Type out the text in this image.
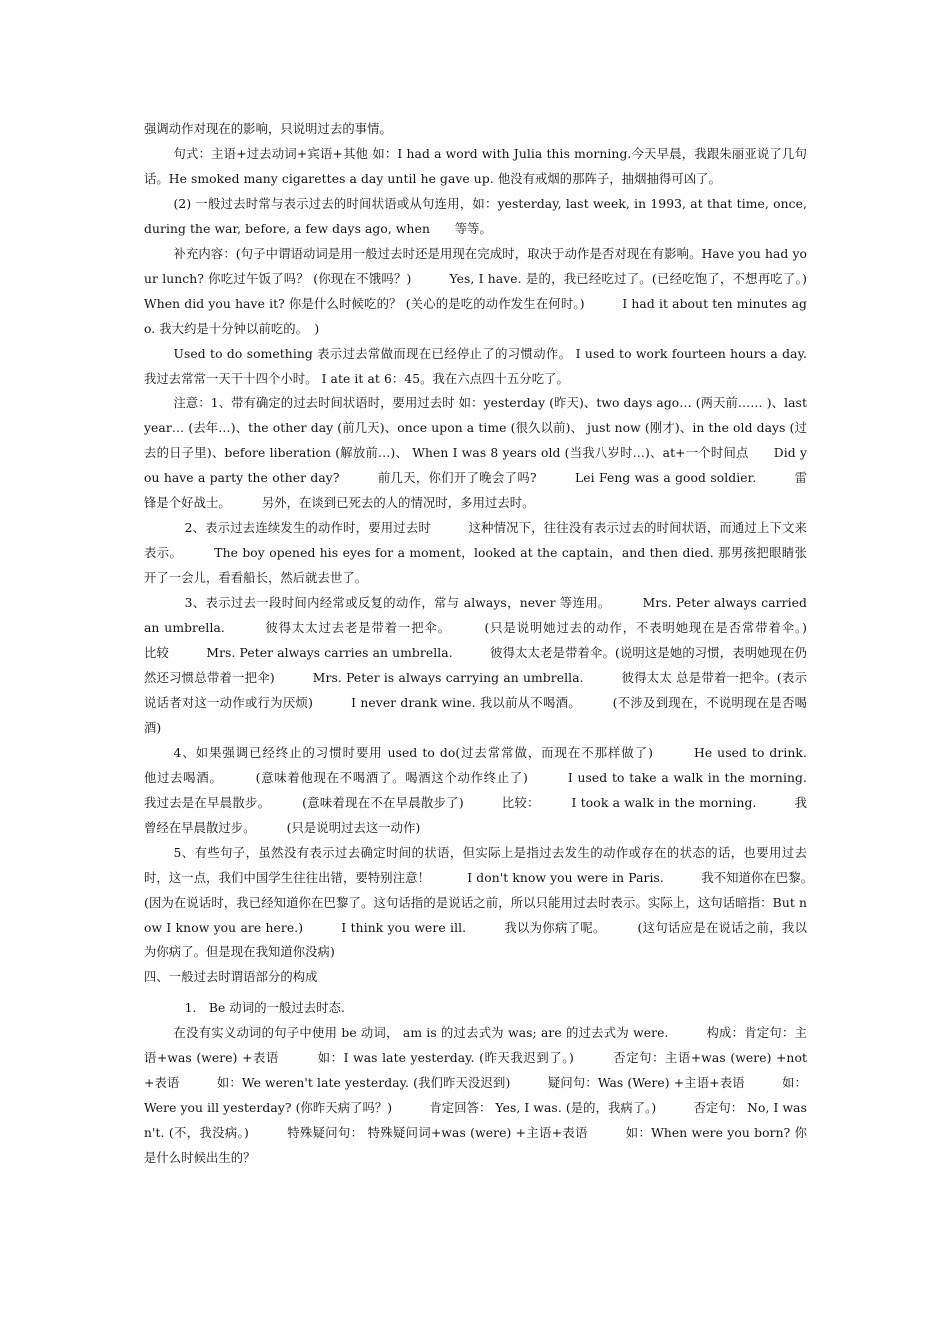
强调动作对现在的影响，只说明过去的事情。

句式：主语+过去动词+宾语+其他 如：I had a word with Julia this morning.今天早晨，我跟朱丽亚说了几句话。He smoked many cigarettes a day until he gave up. 他没有戒烟的那阵子，抽烟抽得可凶了。

(2) 一般过去时常与表示过去的时间状语或从句连用，如：yesterday, last week, in 1993, at that time, once, during the war, before, a few days ago, when　　等等。

补充内容：(句子中谓语动词是用一般过去时还是用现在完成时，取决于动作是否对现在有影响。Have you had your lunch? 你吃过午饭了吗？ (你现在不饿吗？)　　　Yes, I have. 是的，我已经吃过了。(已经吃饱了，不想再吃了。)　　　When did you have it? 你是什么时候吃的？ (关心的是吃的动作发生在何时。)　　　I had it about ten minutes ago. 我大约是十分钟以前吃的。　)

Used to do something 表示过去常做而现在已经停止了的习惯动作。 I used to work fourteen hours a day. 我过去常常一天干十四个小时。 I ate it at 6：45。我在六点四十五分吃了。

注意：1、带有确定的过去时间状语时，要用过去时 如：yesterday (昨天)、two days ago… (两天前…… )、last year… (去年…)、the other day (前几天)、once upon a time (很久以前)、 just now (刚才)、in the old days (过去的日子里)、before liberation (解放前…)、 When I was 8 years old (当我八岁时…)、at+一个时间点　　Did you have a party the other day?　　　前几天，你们开了晚会了吗?　　　Lei Feng was a good soldier.　　　雷锋是个好战士。　　　另外，在谈到已死去的人的情况时，多用过去时。

2、表示过去连续发生的动作时，要用过去时　　　这种情况下，往往没有表示过去的时间状语，而通过上下文来表示。　　　The boy opened his eyes for a moment，looked at the captain，and then died. 那男孩把眼睛张开了一会儿，看看船长，然后就去世了。

3、表示过去一段时间内经常或反复的动作，常与 always，never 等连用。　　　Mrs. Peter always carried an umbrella.　　　彼得太太过去老是带着一把伞。　　　(只是说明她过去的动作，不表明她现在是否常带着伞。)　　　比较　　　Mrs. Peter always carries an umbrella.　　　彼得太太老是带着伞。(说明这是她的习惯，表明她现在仍然还习惯总带着一把伞)　　　Mrs. Peter is always carrying an umbrella.　　　彼得太太 总是带着一把伞。(表示说话者对这一动作或行为厌烦)　　　I never drank wine. 我以前从不喝酒。　　　(不涉及到现在，不说明现在是否喝酒)

4、如果强调已经终止的习惯时要用 used to do(过去常常做，而现在不那样做了)　　　He used to drink.　　　他过去喝酒。　　　(意味着他现在不喝酒了。喝酒这个动作终止了)　　　I used to take a walk in the morning.　　　我过去是在早晨散步。　　　(意味着现在不在早晨散步了)　　　比较：　　　I took a walk in the morning.　　　我曾经在早晨散过步。　　　(只是说明过去这一动作)

5、有些句子，虽然没有表示过去确定时间的状语，但实际上是指过去发生的动作或存在的状态的话，也要用过去时，这一点，我们中国学生往往出错，要特别注意！　　　I don't know you were in Paris.　　　我不知道你在巴黎。　　　(因为在说话时，我已经知道你在巴黎了。这句话指的是说话之前，所以只能用过去时表示。实际上，这句话暗指：But now I know you are here.)　　　I think you were ill.　　　我以为你病了呢。　　　(这句话应是在说话之前，我以为你病了。但是现在我知道你没病)

四、一般过去时谓语部分的构成

1.　Be 动词的一般过去时态.

在没有实义动词的句子中使用 be 动词， am is 的过去式为 was; are 的过去式为 were.　　　构成：肯定句：主语+was (were) +表语　　　如：I was late yesterday. (昨天我迟到了。)　　　否定句：主语+was (were) +not+表语　　　如：We weren't late yesterday. (我们昨天没迟到)　　　疑问句：Was (Were) +主语+表语　　　如： Were you ill yesterday? (你昨天病了吗？)　　　肯定回答： Yes, I was. (是的，我病了。)　　　否定句： No, I wasn't. (不，我没病。)　　　特殊疑问句： 特殊疑问词+was (were) +主语+表语　　　如：When were you born? 你是什么时候出生的？
